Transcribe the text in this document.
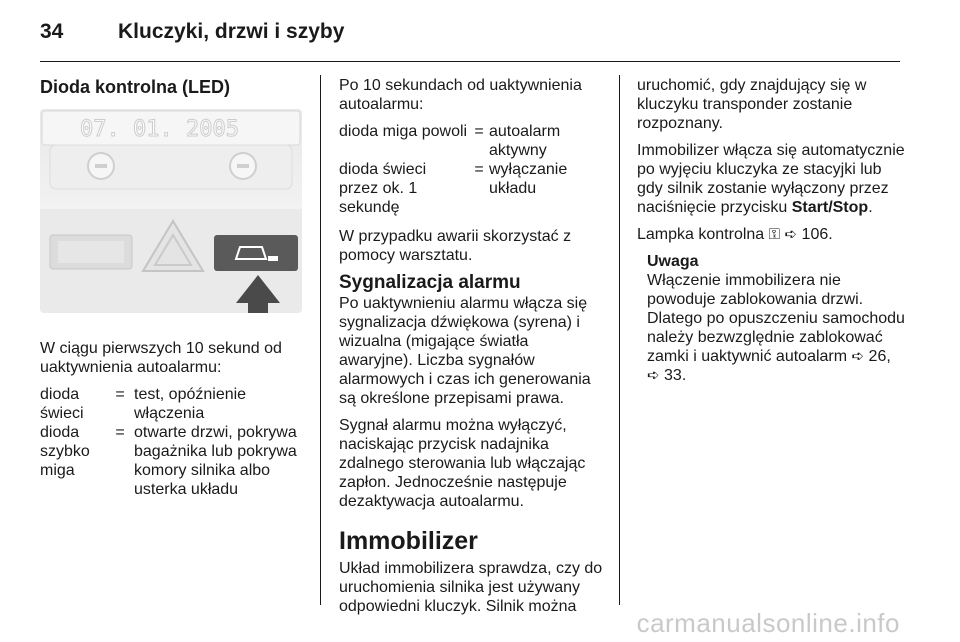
34	Kluczyki, drzwi i szyby
Dioda kontrolna (LED)
07. 01. 2005

W ciągu pierwszych 10 sekund od uaktywnienia autoalarmu:

dioda świeci
= test, opóźnienie włączenia
dioda szybko miga
= otwarte drzwi, pokrywa bagażnika lub pokrywa komory silnika albo usterka układu

Po 10 sekundach od uaktywnienia autoalarmu:

dioda miga powoli = autoalarm aktywny
dioda świeci przez ok. 1 sekundę
= wyłączanie układu

W przypadku awarii skorzystać z pomocy warsztatu.

Sygnalizacja alarmu

Po uaktywnieniu alarmu włącza się sygnalizacja dźwiękowa (syrena) i wizualna (migające światła awaryjne). Liczba sygnałów alarmowych i czas ich generowania są określone przepisami prawa.

Sygnał alarmu można wyłączyć, naciskając przycisk nadajnika zdalnego sterowania lub włączając zapłon. Jednocześnie następuje dezaktywacja autoalarmu.

Immobilizer

Układ immobilizera sprawdza, czy do uruchomienia silnika jest używany odpowiedni kluczyk. Silnik można

uruchomić, gdy znajdujący się w kluczyku transponder zostanie rozpoznany.

Immobilizer włącza się automatycznie po wyjęciu kluczyka ze stacyjki lub gdy silnik zostanie wyłączony przez naciśnięcie przycisku Start/Stop.

Lampka kontrolna ⚿ ➪ 106.

Uwaga
Włączenie immobilizera nie powoduje zablokowania drzwi. Dlatego po opuszczeniu samochodu należy bezwzględnie zablokować zamki i uaktywnić autoalarm ➪ 26,
➪ 33.
carmanualsonline.info
